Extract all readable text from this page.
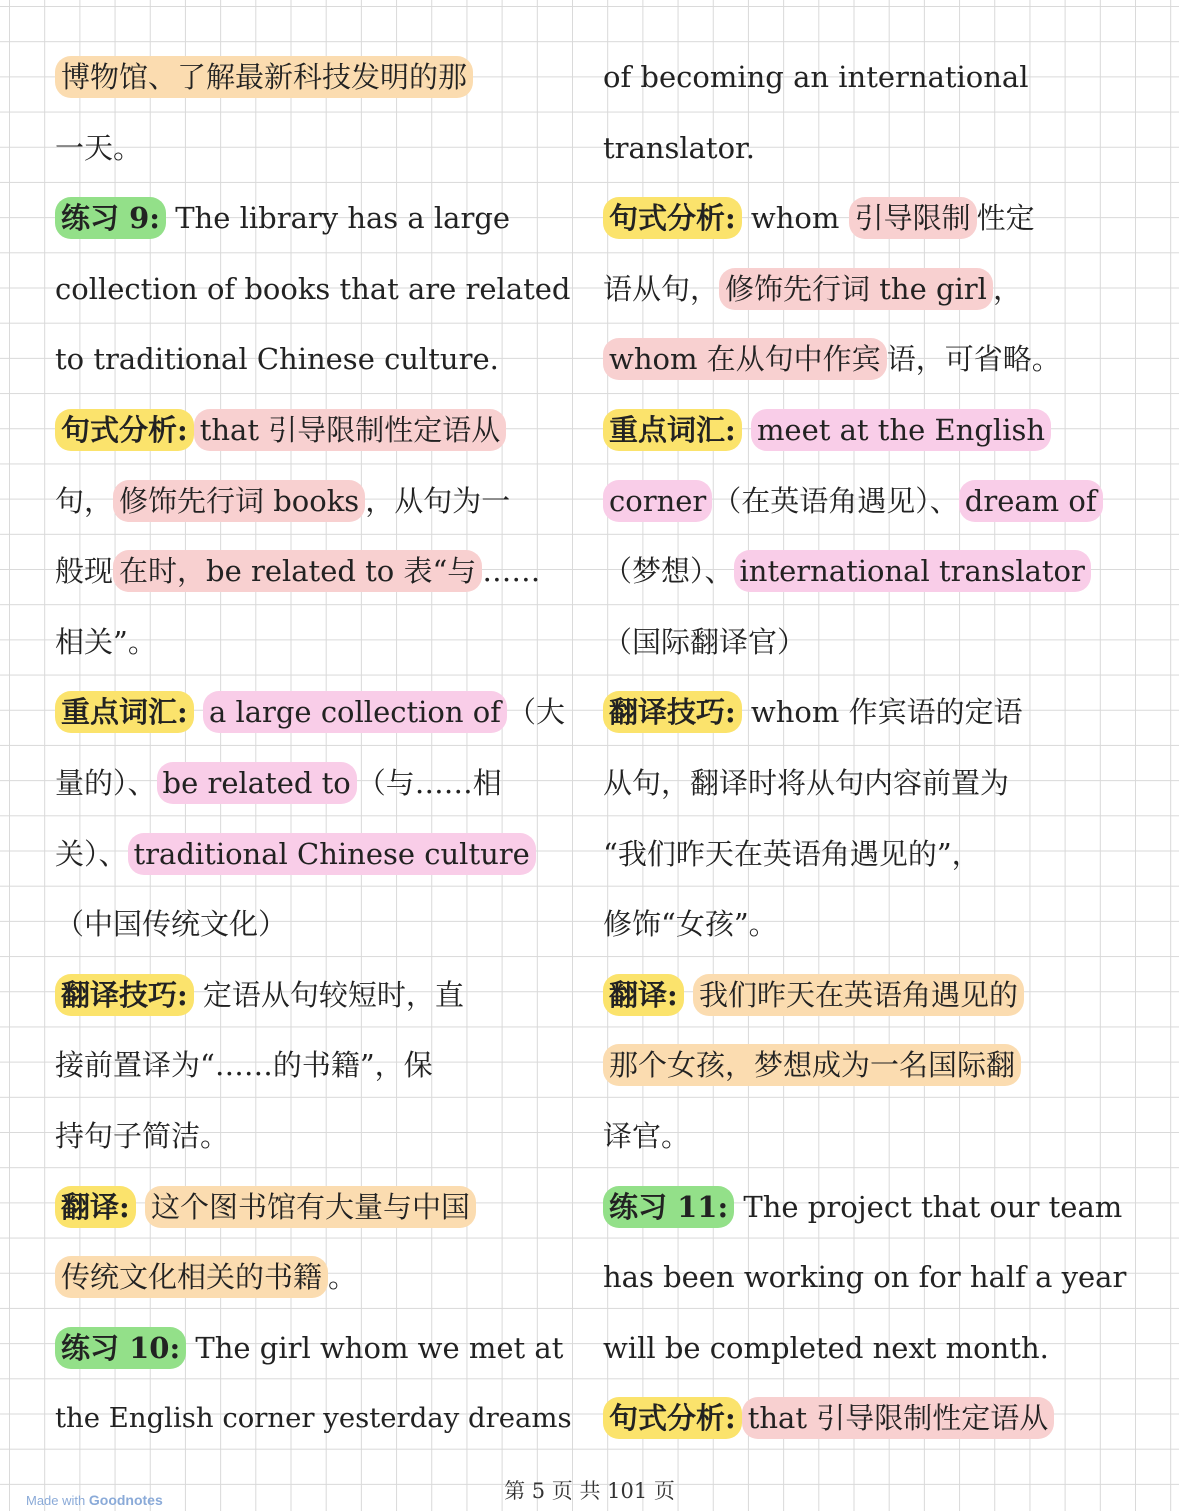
博物馆、了解最新科技发明的那
一天。
练习 9: The library has a large
collection of books that are related
to traditional Chinese culture.
句式分析: that 引导限制性定语从
句， 修饰先行词 books ，从句为一
般现 在时，be related to 表“与 ……
相关”。
重点词汇: a large collection of （大
量的）、 be related to （与……相
关）、 traditional Chinese culture
（中国传统文化）
翻译技巧: 定语从句较短时，直
接前置译为“……的书籍”，保
持句子简洁。
翻译: 这个图书馆有大量与中国
传统文化相关的书籍 。
练习 10: The girl whom we met at
the English corner yesterday dreams
of becoming an international
translator.
句式分析: whom 引导限制 性定
语从句， 修饰先行词 the girl ，
whom 在从句中作宾 语，可省略。
重点词汇: meet at the English
corner （在英语角遇见）、 dream of
（梦想）、 international translator
（国际翻译官）
翻译技巧: whom 作宾语的定语
从句，翻译时将从句内容前置为
“我们昨天在英语角遇见的”，
修饰“女孩”。
翻译: 我们昨天在英语角遇见的
那个女孩，梦想成为一名国际翻
译官。
练习 11: The project that our team
has been working on for half a year
will be completed next month.
句式分析: that 引导限制性定语从
第 5 页 共 101 页
Made with Goodnotes
